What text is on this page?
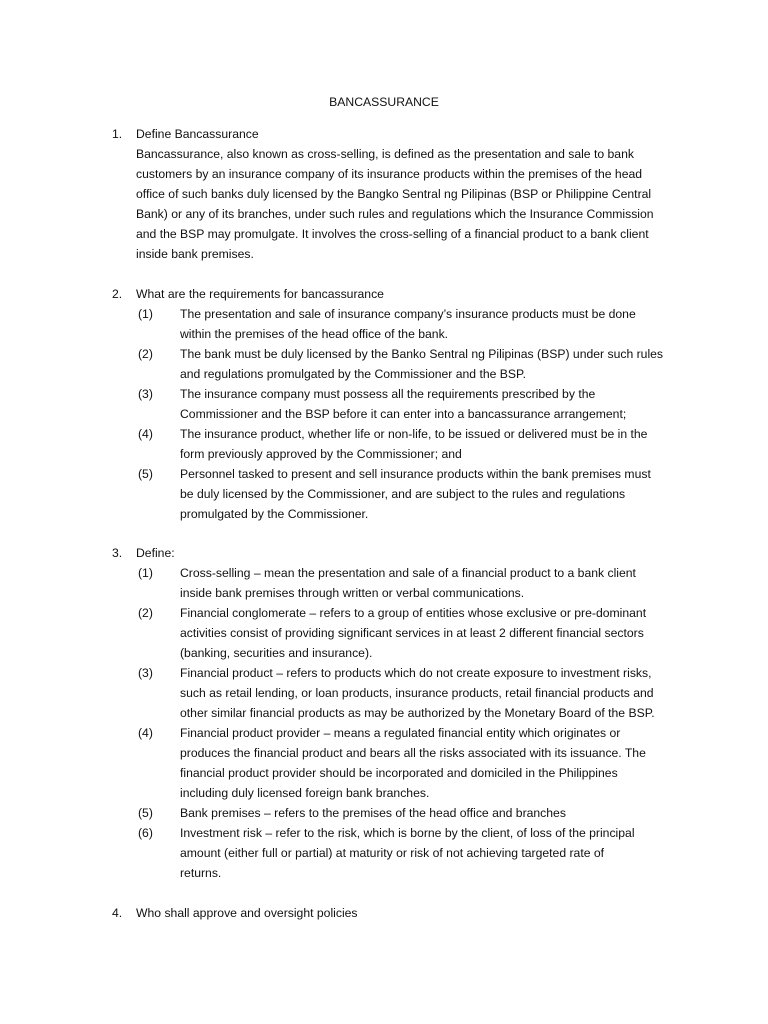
BANCASSURANCE
1.	Define Bancassurance
Bancassurance, also known as cross-selling, is defined as the presentation and sale to bank
customers by an insurance company of its insurance products within the premises of the head
office of such banks duly licensed by the Bangko Sentral ng Pilipinas (BSP or Philippine Central
Bank) or any of its branches, under such rules and regulations which the Insurance Commission
and the BSP may promulgate. It involves the cross-selling of a financial product to a bank client
inside bank premises.
2.	What are the requirements for bancassurance
(1)	The presentation and sale of insurance company’s insurance products must be done
within the premises of the head office of the bank.
(2)	The bank must be duly licensed by the Banko Sentral ng Pilipinas (BSP) under such rules
and regulations promulgated by the Commissioner and the BSP.
(3)	The insurance company must possess all the requirements prescribed by the
Commissioner and the BSP before it can enter into a bancassurance arrangement;
(4)	The insurance product, whether life or non-life, to be issued or delivered must be in the
form previously approved by the Commissioner; and
(5)	Personnel tasked to present and sell insurance products within the bank premises must
be duly licensed by the Commissioner, and are subject to the rules and regulations
promulgated by the Commissioner.
3.	Define:
(1)	Cross-selling – mean the presentation and sale of a financial product to a bank client
inside bank premises through written or verbal communications.
(2)	Financial conglomerate – refers to a group of entities whose exclusive or pre-dominant
activities consist of providing significant services in at least 2 different financial sectors
(banking, securities and insurance).
(3)	Financial product – refers to products which do not create exposure to investment risks,
such as retail lending, or loan products, insurance products, retail financial products and
other similar financial products as may be authorized by the Monetary Board of the BSP.
(4)	Financial product provider – means a regulated financial entity which originates or
produces the financial product and bears all the risks associated with its issuance. The
financial product provider should be incorporated and domiciled in the Philippines
including duly licensed foreign bank branches.
(5)	Bank premises – refers to the premises of the head office and branches
(6)	Investment risk – refer to the risk, which is borne by the client, of loss of the principal
amount (either full or partial) at maturity or risk of not achieving targeted rate of
returns.
4.	Who shall approve and oversight policies
